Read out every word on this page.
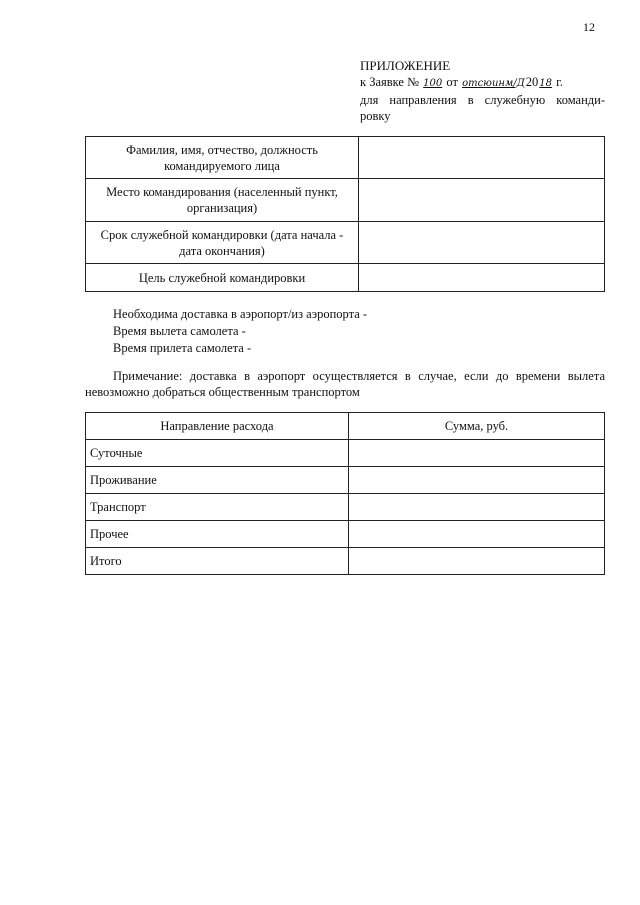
12
ПРИЛОЖЕНИЕ
к Заявке № 100 от отсюинм/Д2018 г.
для направления в служебную команди-
ровку
Фамилия, имя, отчество, должность командируемого лица	
Место командирования (населенный пункт, организация)	
Срок служебной командировки (дата начала - дата окончания)	
Цель служебной командировки	
Необходима доставка в аэропорт/из аэропорта -
Время вылета самолета -
Время прилета самолета -
Примечание: доставка в аэропорт осуществляется в случае, если до времени вылета невозможно добраться общественным транспортом
Направление расхода	Сумма, руб.
Суточные	
Проживание	
Транспорт	
Прочее	
Итого	
